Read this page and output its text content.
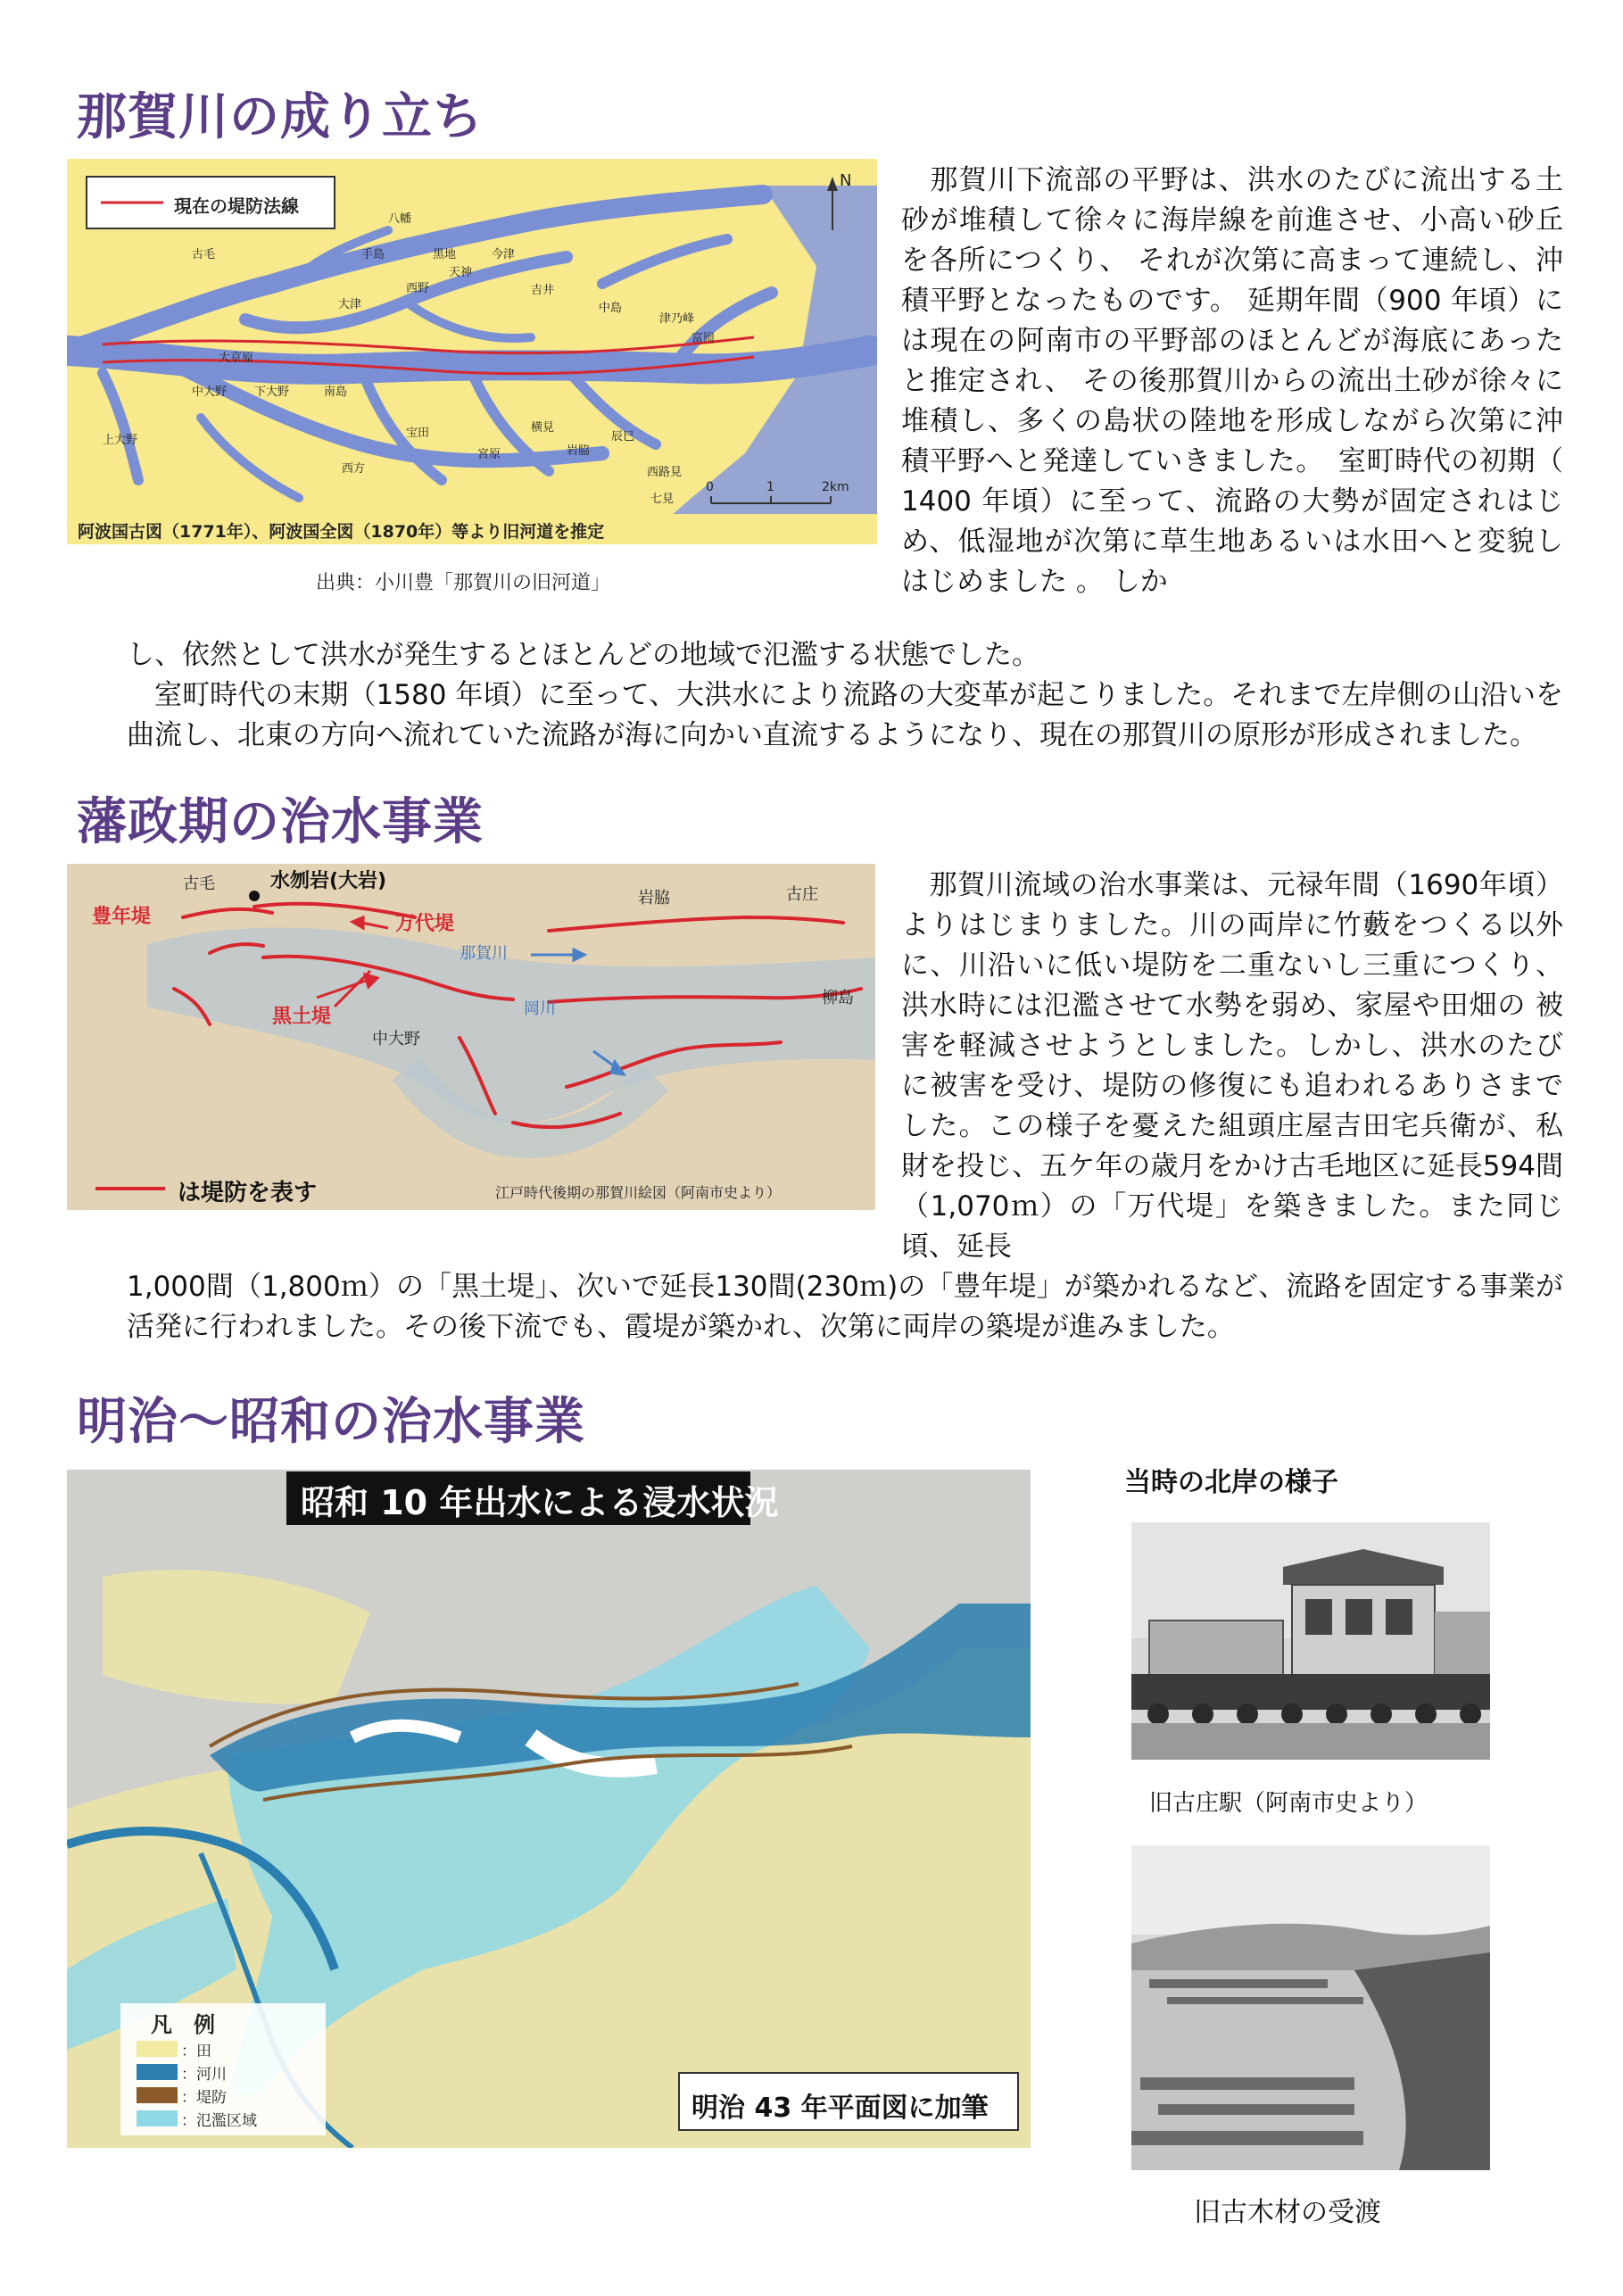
那賀川の成り立ち
現在の堤防法線
N
0	1	2km
古毛
上大野
中大野 下大野
大京原
南島
西方
岩脇
手島
八幡
大津
黒地
天神
西野
今津
中島
吉井
宝田	横見
辰巳
七見
津乃峰
富岡
西路見
宮原
阿波国古図（1771年）、阿波国全図（1870年）等より旧河道を推定
出典：小川豊「那賀川の旧河道」
　那賀川下流部の平野は、洪水のたびに流出する土砂が堆積して徐々に海岸線を前進させ、小高い砂丘を各所につくり、 それが次第に高まって連続し、沖積平野となったものです。 延期年間（900 年頃）には現在の阿南市の平野部のほとんどが海底にあったと推定され、 その後那賀川からの流出土砂が徐々に堆積し、多くの島状の陸地を形成しながら次第に沖積平野へと発達していきました。　室町時代の初期（ 1400 年頃）に至って、流路の大勢が固定されはじめ、低湿地が次第に草生地あるいは水田へと変貌しはじめました 。 しか
し、依然として洪水が発生するとほとんどの地域で氾濫する状態でした。
　室町時代の末期（1580 年頃）に至って、大洪水により流路の大変革が起こりました。それまで左岸側の山沿いを曲流し、北東の方向へ流れていた流路が海に向かい直流するようになり、現在の那賀川の原形が形成されました。
藩政期の治水事業
古毛	水刎岩(大岩)
豊年堤	万代堤
岩脇	古庄
那賀川
岡川
黒土堤
中大野
柳島
は堤防を表す	江戸時代後期の那賀川絵図（阿南市史より）
　那賀川流域の治水事業は、元禄年間（1690年頃）よりはじまりました。川の両岸に竹藪をつくる以外に、川沿いに低い堤防を二重ないし三重につくり、洪水時には氾濫させて水勢を弱め、家屋や田畑の 被害を軽減させようとしました。しかし、洪水のたびに被害を受け、堤防の修復にも追われるありさまでした。この様子を憂えた組頭庄屋吉田宅兵衛が、私財を投じ、五ケ年の歳月をかけ古毛地区に延長594間（1,070ｍ）の「万代堤」を築きました。また同じ頃、延長
1,000間（1,800ｍ）の「黒土堤」、次いで延長130間(230ｍ)の「豊年堤」が築かれるなど、流路を固定する事業が活発に行われました。その後下流でも、霞堤が築かれ、次第に両岸の築堤が進みました。
明治～昭和の治水事業
昭和 10 年出水による浸水状況
凡　例
：田
：河川
：堤防
：氾濫区域	明治 43 年平面図に加筆
当時の北岸の様子
旧古庄駅（阿南市史より）
旧古木材の受渡
